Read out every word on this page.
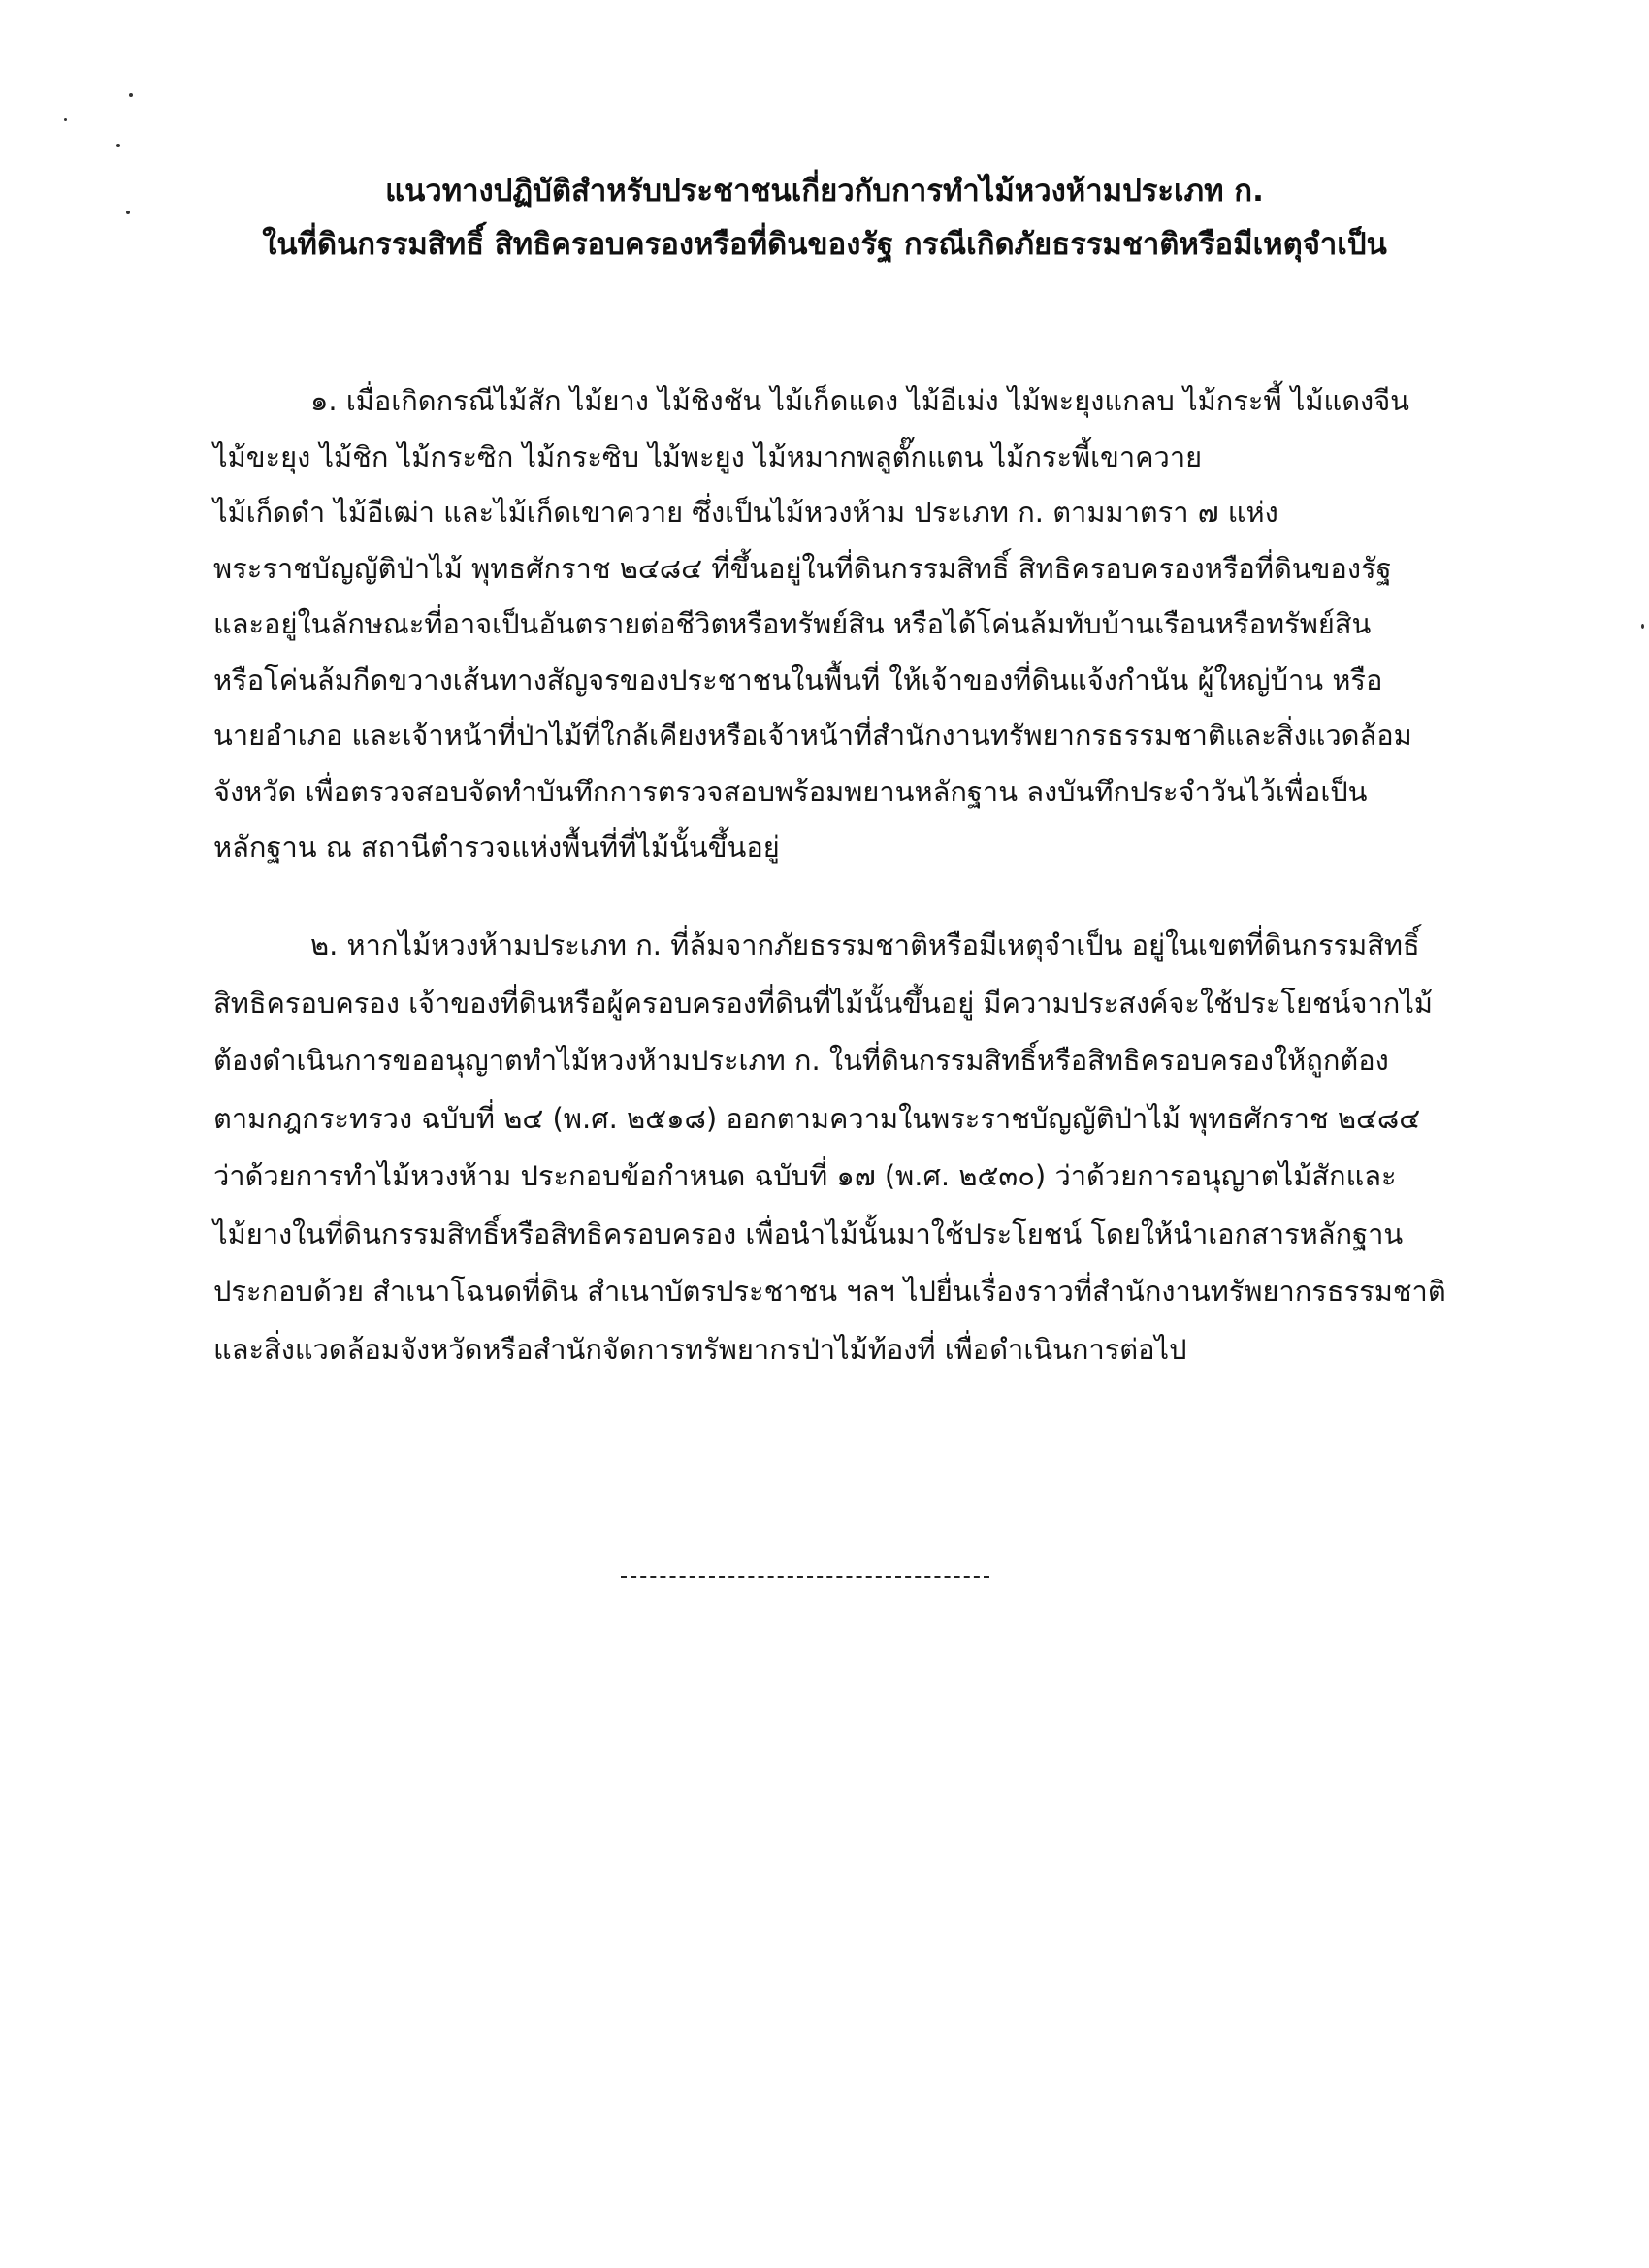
แนวทางปฏิบัติสำหรับประชาชนเกี่ยวกับการทำไม้หวงห้ามประเภท ก.
ในที่ดินกรรมสิทธิ์ สิทธิครอบครองหรือที่ดินของรัฐ กรณีเกิดภัยธรรมชาติหรือมีเหตุจำเป็น
๑. เมื่อเกิดกรณีไม้สัก ไม้ยาง ไม้ชิงชัน ไม้เก็ดแดง ไม้อีเม่ง ไม้พะยุงแกลบ ไม้กระพี้ ไม้แดงจีน
ไม้ขะยุง ไม้ชิก ไม้กระซิก ไม้กระซิบ ไม้พะยูง ไม้หมากพลูตั๊กแตน ไม้กระพี้เขาควาย
ไม้เก็ดดำ ไม้อีเฒ่า และไม้เก็ดเขาควาย ซึ่งเป็นไม้หวงห้าม ประเภท ก. ตามมาตรา ๗ แห่ง
พระราชบัญญัติป่าไม้ พุทธศักราช ๒๔๘๔ ที่ขึ้นอยู่ในที่ดินกรรมสิทธิ์ สิทธิครอบครองหรือที่ดินของรัฐ
และอยู่ในลักษณะที่อาจเป็นอันตรายต่อชีวิตหรือทรัพย์สิน หรือได้โค่นล้มทับบ้านเรือนหรือทรัพย์สิน
หรือโค่นล้มกีดขวางเส้นทางสัญจรของประชาชนในพื้นที่ ให้เจ้าของที่ดินแจ้งกำนัน ผู้ใหญ่บ้าน หรือ
นายอำเภอ และเจ้าหน้าที่ป่าไม้ที่ใกล้เคียงหรือเจ้าหน้าที่สำนักงานทรัพยากรธรรมชาติและสิ่งแวดล้อม
จังหวัด เพื่อตรวจสอบจัดทำบันทึกการตรวจสอบพร้อมพยานหลักฐาน ลงบันทึกประจำวันไว้เพื่อเป็น
หลักฐาน ณ สถานีตำรวจแห่งพื้นที่ที่ไม้นั้นขึ้นอยู่
๒. หากไม้หวงห้ามประเภท ก. ที่ล้มจากภัยธรรมชาติหรือมีเหตุจำเป็น อยู่ในเขตที่ดินกรรมสิทธิ์
สิทธิครอบครอง เจ้าของที่ดินหรือผู้ครอบครองที่ดินที่ไม้นั้นขึ้นอยู่ มีความประสงค์จะใช้ประโยชน์จากไม้
ต้องดำเนินการขออนุญาตทำไม้หวงห้ามประเภท ก. ในที่ดินกรรมสิทธิ์หรือสิทธิครอบครองให้ถูกต้อง
ตามกฎกระทรวง ฉบับที่ ๒๔ (พ.ศ. ๒๕๑๘) ออกตามความในพระราชบัญญัติป่าไม้ พุทธศักราช ๒๔๘๔
ว่าด้วยการทำไม้หวงห้าม ประกอบข้อกำหนด ฉบับที่ ๑๗ (พ.ศ. ๒๕๓๐) ว่าด้วยการอนุญาตไม้สักและ
ไม้ยางในที่ดินกรรมสิทธิ์หรือสิทธิครอบครอง เพื่อนำไม้นั้นมาใช้ประโยชน์ โดยให้นำเอกสารหลักฐาน
ประกอบด้วย สำเนาโฉนดที่ดิน สำเนาบัตรประชาชน ฯลฯ ไปยื่นเรื่องราวที่สำนักงานทรัพยากรธรรมชาติ
และสิ่งแวดล้อมจังหวัดหรือสำนักจัดการทรัพยากรป่าไม้ท้องที่ เพื่อดำเนินการต่อไป
